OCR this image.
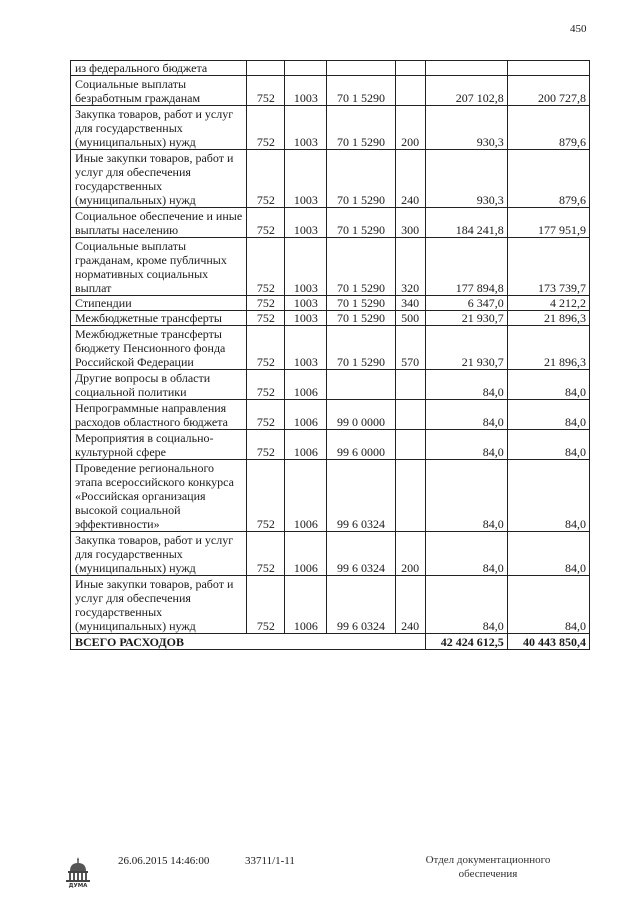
450
из федерального бюджета						
Социальные выплаты безработным гражданам	752	1003	70 1 5290		207 102,8	200 727,8
Закупка товаров, работ и услуг для государственных (муниципальных) нужд	752	1003	70 1 5290	200	930,3	879,6
Иные закупки товаров, работ и услуг для обеспечения государственных (муниципальных) нужд	752	1003	70 1 5290	240	930,3	879,6
Социальное обеспечение и иные выплаты населению	752	1003	70 1 5290	300	184 241,8	177 951,9
Социальные выплаты гражданам, кроме публичных нормативных социальных выплат	752	1003	70 1 5290	320	177 894,8	173 739,7
Стипендии	752	1003	70 1 5290	340	6 347,0	4 212,2
Межбюджетные трансферты	752	1003	70 1 5290	500	21 930,7	21 896,3
Межбюджетные трансферты бюджету Пенсионного фонда Российской Федерации	752	1003	70 1 5290	570	21 930,7	21 896,3
Другие вопросы в области социальной политики	752	1006			84,0	84,0
Непрограммные направления расходов областного бюджета	752	1006	99 0 0000		84,0	84,0
Мероприятия в социально-культурной сфере	752	1006	99 6 0000		84,0	84,0
Проведение регионального этапа всероссийского конкурса «Российская организация высокой социальной эффективности»	752	1006	99 6 0324		84,0	84,0
Закупка товаров, работ и услуг для государственных (муниципальных) нужд	752	1006	99 6 0324	200	84,0	84,0
Иные закупки товаров, работ и услуг для обеспечения государственных (муниципальных) нужд	752	1006	99 6 0324	240	84,0	84,0
ВСЕГО РАСХОДОВ					42 424 612,5	40 443 850,4
ДУМА
26.06.2015 14:46:00	33711/1-11	Отдел документационного
обеспечения
